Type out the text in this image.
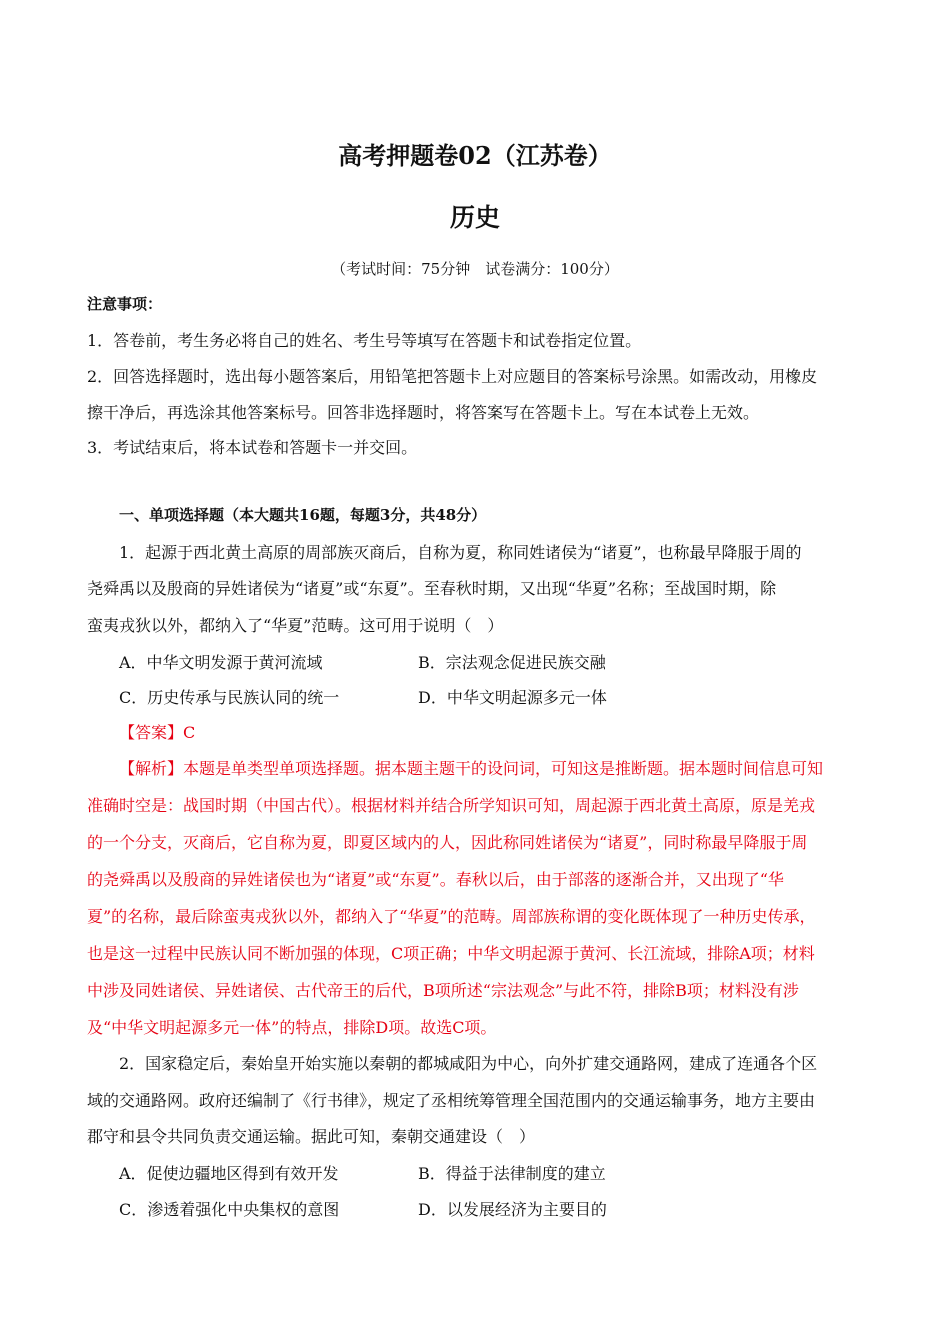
高考押题卷02（江苏卷）
历史
（考试时间：75分钟　试卷满分：100分）
注意事项：
1．答卷前，考生务必将自己的姓名、考生号等填写在答题卡和试卷指定位置。
2．回答选择题时，选出每小题答案后，用铅笔把答题卡上对应题目的答案标号涂黑。如需改动，用橡皮
擦干净后，再选涂其他答案标号。回答非选择题时，将答案写在答题卡上。写在本试卷上无效。
3．考试结束后，将本试卷和答题卡一并交回。
一、单项选择题（本大题共16题，每题3分，共48分）
1．起源于西北黄土高原的周部族灭商后，自称为夏，称同姓诸侯为“诸夏”，也称最早降服于周的
尧舜禹以及殷商的异姓诸侯为“诸夏”或“东夏”。至春秋时期，又出现“华夏”名称；至战国时期，除
蛮夷戎狄以外，都纳入了“华夏”范畴。这可用于说明（　）
A．中华文明发源于黄河流域	B．宗法观念促进民族交融
C．历史传承与民族认同的统一	D．中华文明起源多元一体
【答案】C
【解析】本题是单类型单项选择题。据本题主题干的设问词，可知这是推断题。据本题时间信息可知
准确时空是：战国时期（中国古代）。根据材料并结合所学知识可知，周起源于西北黄土高原，原是羌戎
的一个分支，灭商后，它自称为夏，即夏区域内的人，因此称同姓诸侯为“诸夏”，同时称最早降服于周
的尧舜禹以及殷商的异姓诸侯也为“诸夏”或“东夏”。春秋以后，由于部落的逐渐合并，又出现了“华
夏”的名称，最后除蛮夷戎狄以外，都纳入了“华夏”的范畴。周部族称谓的变化既体现了一种历史传承，
也是这一过程中民族认同不断加强的体现，C项正确；中华文明起源于黄河、长江流域，排除A项；材料
中涉及同姓诸侯、异姓诸侯、古代帝王的后代，B项所述“宗法观念”与此不符，排除B项；材料没有涉
及“中华文明起源多元一体”的特点，排除D项。故选C项。
2．国家稳定后，秦始皇开始实施以秦朝的都城咸阳为中心，向外扩建交通路网，建成了连通各个区
域的交通路网。政府还编制了《行书律》，规定了丞相统筹管理全国范围内的交通运输事务，地方主要由
郡守和县令共同负责交通运输。据此可知，秦朝交通建设（　）
A．促使边疆地区得到有效开发	B．得益于法律制度的建立
C．渗透着强化中央集权的意图	D．以发展经济为主要目的
